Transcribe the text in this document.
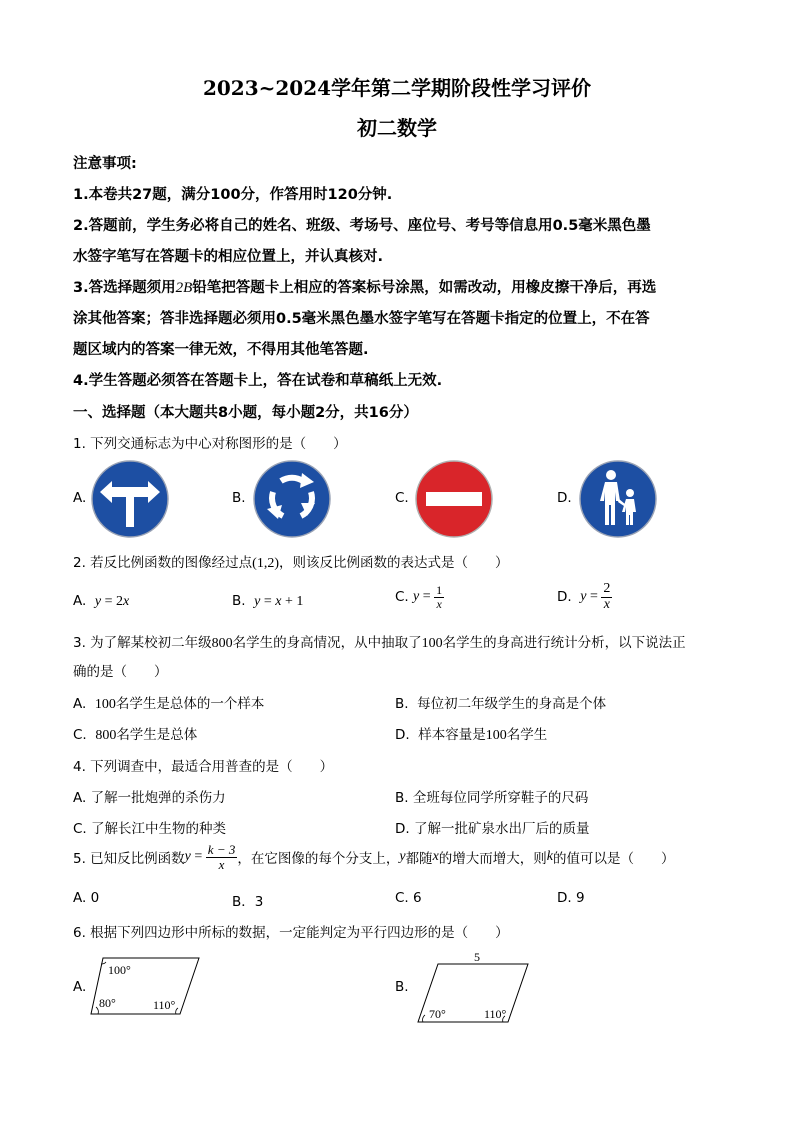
2023~2024学年第二学期阶段性学习评价
初二数学
注意事项:
1.本卷共27题，满分100分，作答用时120分钟.
2.答题前，学生务必将自己的姓名、班级、考场号、座位号、考号等信息用0.5毫米黑色墨
水签字笔写在答题卡的相应位置上，并认真核对.
3.答选择题须用2B铅笔把答题卡上相应的答案标号涂黑，如需改动，用橡皮擦干净后，再选
涂其他答案；答非选择题必须用0.5毫米黑色墨水签字笔写在答题卡指定的位置上，不在答
题区域内的答案一律无效，不得用其他笔答题.
4.学生答题必须答在答题卡上，答在试卷和草稿纸上无效.
一、选择题（本大题共8小题，每小题2分，共16分）
1. 下列交通标志为中心对称图形的是（　　）
A.	B.	C.	D.
2. 若反比例函数的图像经过点(1,2)，则该反比例函数的表达式是（　　）
A. y = 2x	B. y = x + 1	C. $y = \frac{1}{x}$	D. $y = \frac{2}{x}$
3. 为了解某校初二年级800名学生的身高情况，从中抽取了100名学生的身高进行统计分析，以下说法正
确的是（　　）
A. 100名学生是总体的一个样本	B. 每位初二年级学生的身高是个体
C. 800名学生是总体	D. 样本容量是100名学生
4. 下列调查中，最适合用普查的是（　　）
A. 了解一批炮弹的杀伤力	B. 全班每位同学所穿鞋子的尺码
C. 了解长江中生物的种类	D. 了解一批矿泉水出厂后的质量
5. 已知反比例函数$y = \frac{k - 3}{x}$ ，在它图像的每个分支上，y都随x的增大而增大，则k的值可以是（　　）
A. 0	B．3	C. 6	D. 9
6. 根据下列四边形中所标的数据，一定能判定为平行四边形的是（　　）
A.
100°
80°	110°
B.
5
70°	110°
